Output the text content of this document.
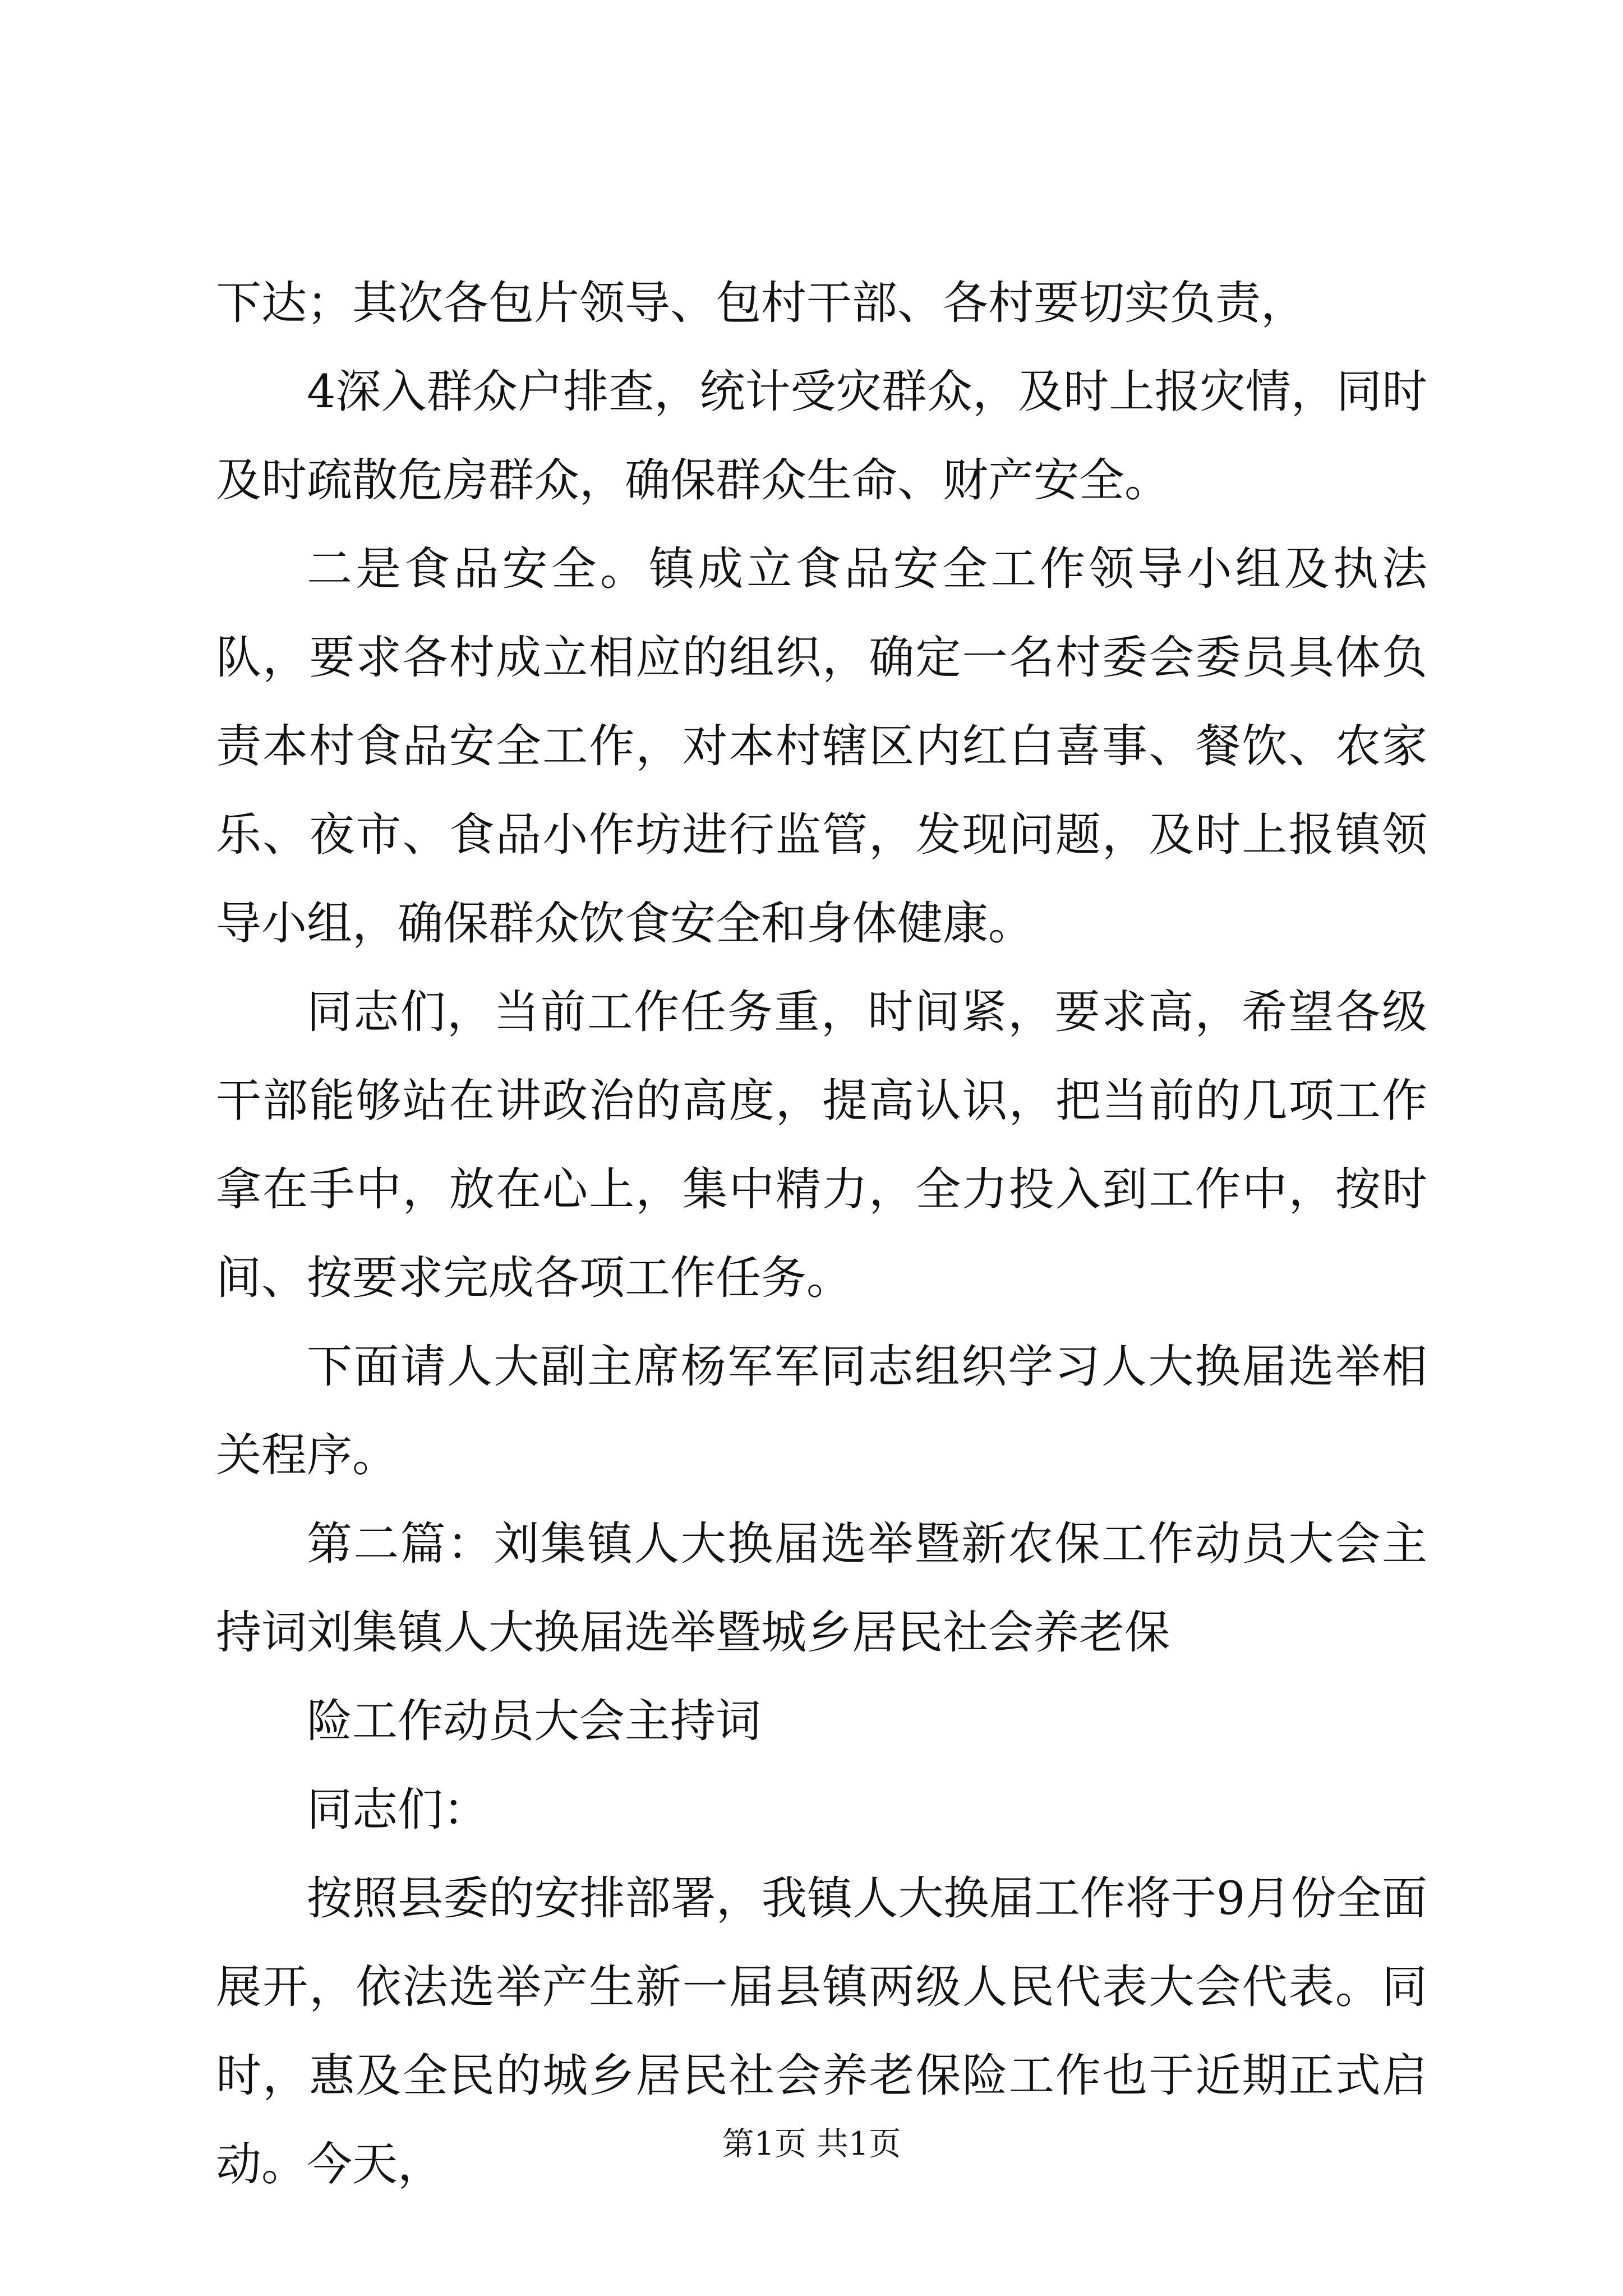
下达；其次各包片领导、包村干部、各村要切实负责，

4深入群众户排查，统计受灾群众，及时上报灾情，同时及时疏散危房群众，确保群众生命、财产安全。

二是食品安全。镇成立食品安全工作领导小组及执法队，要求各村成立相应的组织，确定一名村委会委员具体负责本村食品安全工作，对本村辖区内红白喜事、餐饮、农家乐、夜市、食品小作坊进行监管，发现问题，及时上报镇领导小组，确保群众饮食安全和身体健康。

同志们，当前工作任务重，时间紧，要求高，希望各级干部能够站在讲政治的高度，提高认识，把当前的几项工作拿在手中，放在心上，集中精力，全力投入到工作中，按时间、按要求完成各项工作任务。

下面请人大副主席杨军军同志组织学习人大换届选举相关程序。

第二篇：刘集镇人大换届选举暨新农保工作动员大会主持词刘集镇人大换届选举暨城乡居民社会养老保

险工作动员大会主持词

同志们：

按照县委的安排部署，我镇人大换届工作将于9月份全面展开，依法选举产生新一届县镇两级人民代表大会代表。同时，惠及全民的城乡居民社会养老保险工作也于近期正式启动。今天，	第1页 共1页
